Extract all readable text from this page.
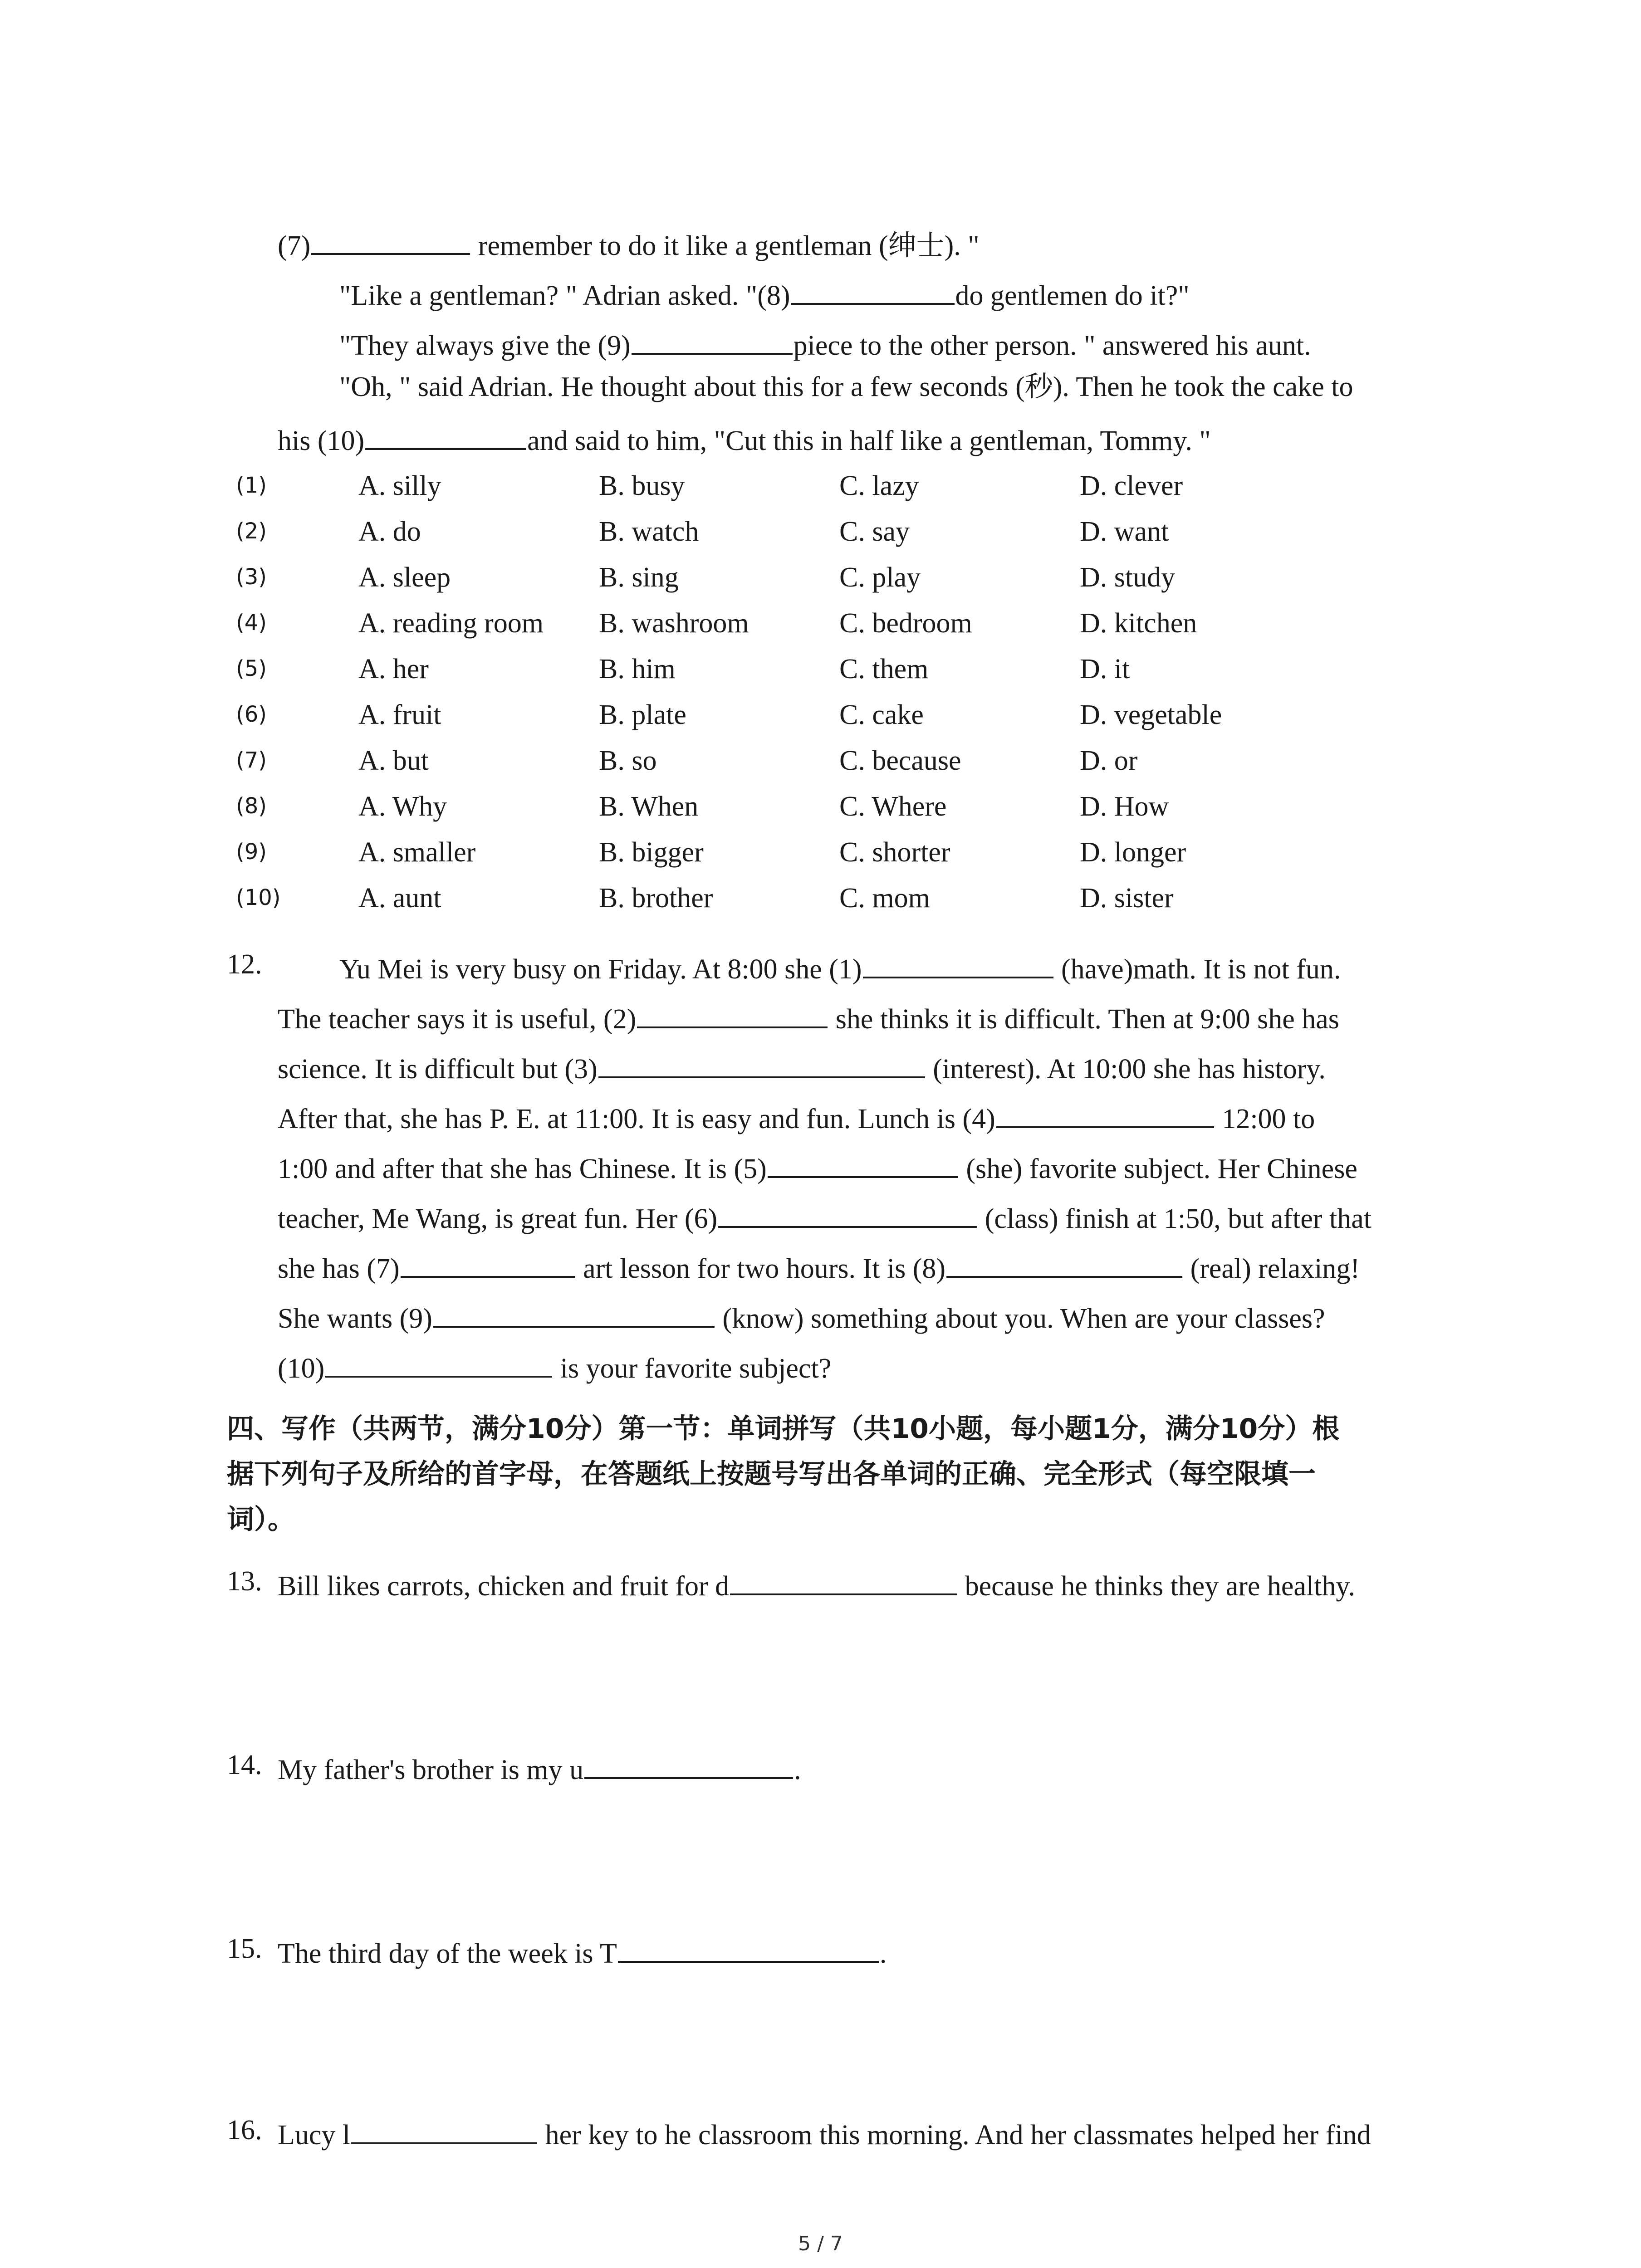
(7)	remember to do it like a gentleman (绅士). "
"Like a gentleman? " Adrian asked. "(8)	do gentlemen do it?"
"They always give the (9)	piece to the other person. " answered his aunt.
"Oh, " said Adrian. He thought about this for a few seconds (秒). Then he took the cake to
his (10)	and said to him, "Cut this in half like a gentleman, Tommy. "
(1)	A. silly	B. busy	C. lazy	D. clever
(2)	A. do	B. watch	C. say	D. want
(3)	A. sleep	B. sing	C. play	D. study
(4)	A. reading room B. washroom	C. bedroom	D. kitchen
(5)	A. her	B. him	C. them	D. it
(6)	A. fruit	B. plate	C. cake	D. vegetable
(7)	A. but	B. so	C. because	D. or
(8)	A. Why	B. When	C. Where	D. How
(9)	A. smaller	B. bigger	C. shorter	D. longer
(10)	A. aunt	B. brother	C. mom	D. sister
12.	Yu Mei is very busy on Friday. At 8:00 she (1)	(have)math. It is not fun.
The teacher says it is useful, (2)	she thinks it is difficult. Then at 9:00 she has
science. It is difficult but (3)	(interest). At 10:00 she has history.
After that, she has P. E. at 11:00. It is easy and fun. Lunch is (4)	12:00 to
1:00 and after that she has Chinese. It is (5)	(she) favorite subject. Her Chinese
teacher, Me Wang, is great fun. Her (6)	(class) finish at 1:50, but after that
she has (7)	art lesson for two hours. It is (8)	(real) relaxing!
She wants (9)	(know) something about you. When are your classes?
(10)	is your favorite subject?
四、写作（共两节，满分10分）第一节：单词拼写（共10小题，每小题1分，满分10分）根
据下列句子及所给的首字母，在答题纸上按题号写出各单词的正确、完全形式（每空限填一
词）。
13. Bill likes carrots, chicken and fruit for d	because he thinks they are healthy.
14. My father's brother is my u	.
15. The third day of the week is T	.
16. Lucy l	her key to he classroom this morning. And her classmates helped her find
5 / 7
